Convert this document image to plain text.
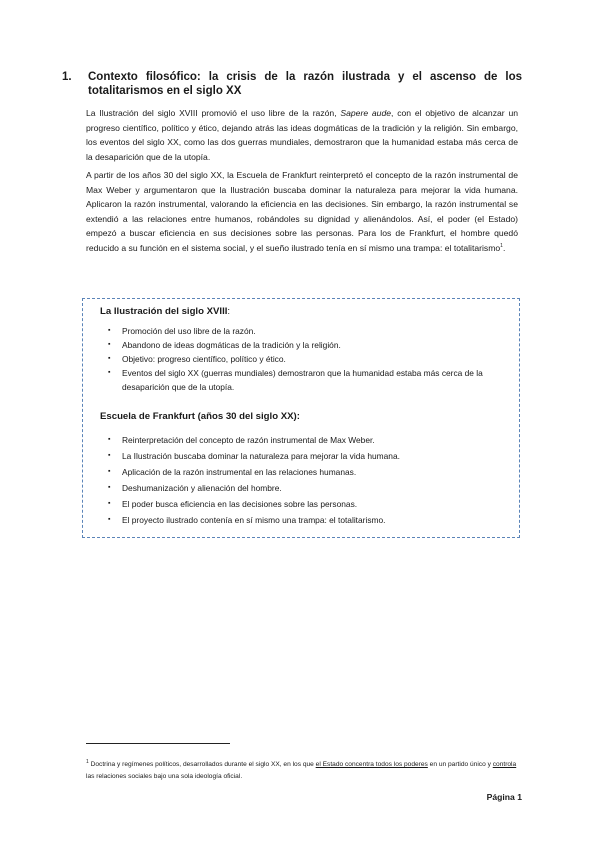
1.	Contexto filosófico: la crisis de la razón ilustrada y el ascenso de los totalitarismos en el siglo XX

La Ilustración del siglo XVIII promovió el uso libre de la razón, Sapere aude, con el objetivo de alcanzar un progreso científico, político y ético, dejando atrás las ideas dogmáticas de la tradición y la religión. Sin embargo, los eventos del siglo XX, como las dos guerras mundiales, demostraron que la humanidad estaba más cerca de la desaparición que de la utopía.

A partir de los años 30 del siglo XX, la Escuela de Frankfurt reinterpretó el concepto de la razón instrumental de Max Weber y argumentaron que la Ilustración buscaba dominar la naturaleza para mejorar la vida humana. Aplicaron la razón instrumental, valorando la eficiencia en las decisiones. Sin embargo, la razón instrumental se extendió a las relaciones entre humanos, robándoles su dignidad y alienándolos. Así, el poder (el Estado) empezó a buscar eficiencia en sus decisiones sobre las personas. Para los de Frankfurt, el hombre quedó reducido a su función en el sistema social, y el sueño ilustrado tenía en sí mismo una trampa: el totalitarismo$^1$.

La Ilustración del siglo XVIII:
▪ Promoción del uso libre de la razón.
▪ Abandono de ideas dogmáticas de la tradición y la religión.
▪ Objetivo: progreso científico, político y ético.
▪ Eventos del siglo XX (guerras mundiales) demostraron que la humanidad estaba más cerca de la desaparición que de la utopía.
Escuela de Frankfurt (años 30 del siglo XX):
▪ Reinterpretación del concepto de razón instrumental de Max Weber.
▪ La Ilustración buscaba dominar la naturaleza para mejorar la vida humana.
▪ Aplicación de la razón instrumental en las relaciones humanas.
▪ Deshumanización y alienación del hombre.
▪ El poder busca eficiencia en las decisiones sobre las personas.
▪ El proyecto ilustrado contenía en sí mismo una trampa: el totalitarismo.
$^1$ Doctrina y regímenes políticos, desarrollados durante el siglo XX, en los que el Estado concentra todos los poderes en un partido único y controla las relaciones sociales bajo una sola ideología oficial.
Página 1
